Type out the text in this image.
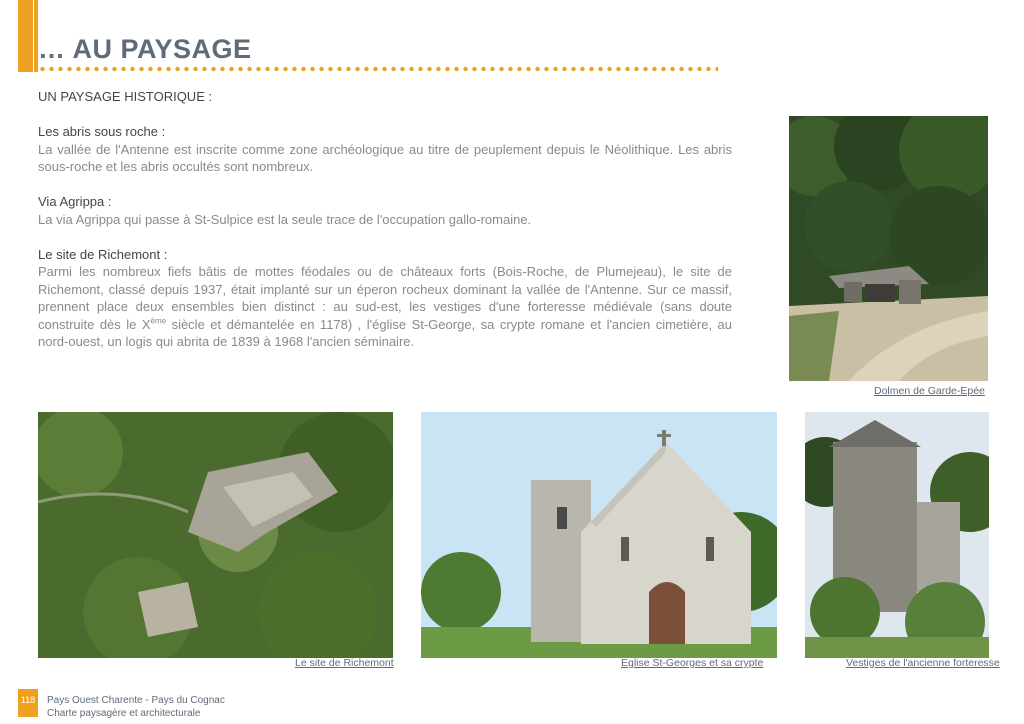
… AU PAYSAGE

UN PAYSAGE HISTORIQUE :

Les abris sous roche :

La vallée de l'Antenne est inscrite comme zone archéologique au titre de peuplement depuis le Néolithique. Les abris sous-roche et les abris occultés sont nombreux.

Via Agrippa :

La via Agrippa qui passe à St-Sulpice est la seule trace de l'occupation gallo-romaine.

Le site de Richemont :

Parmi les nombreux fiefs bâtis de mottes féodales ou de châteaux forts (Bois-Roche, de Plumejeau), le site de Richemont, classé depuis 1937, était implanté sur un éperon rocheux dominant la vallée de l'Antenne. Sur ce massif, prennent place deux ensembles bien distinct : au sud-est, les vestiges d'une forteresse médiévale (sans doute construite dès le Xème siècle et démantelée en 1178) , l'église St-George, sa crypte romane et l'ancien cimetière, au nord-ouest, un logis qui abrita de 1839 à 1968 l'ancien séminaire.

Dolmen de Garde-Epée
Le site de Richemont	Eglise St-Georges et sa crypte	Vestiges de l'ancienne forteresse
118 Pays Ouest Charente - Pays du Cognac
Charte paysagère et architecturale
